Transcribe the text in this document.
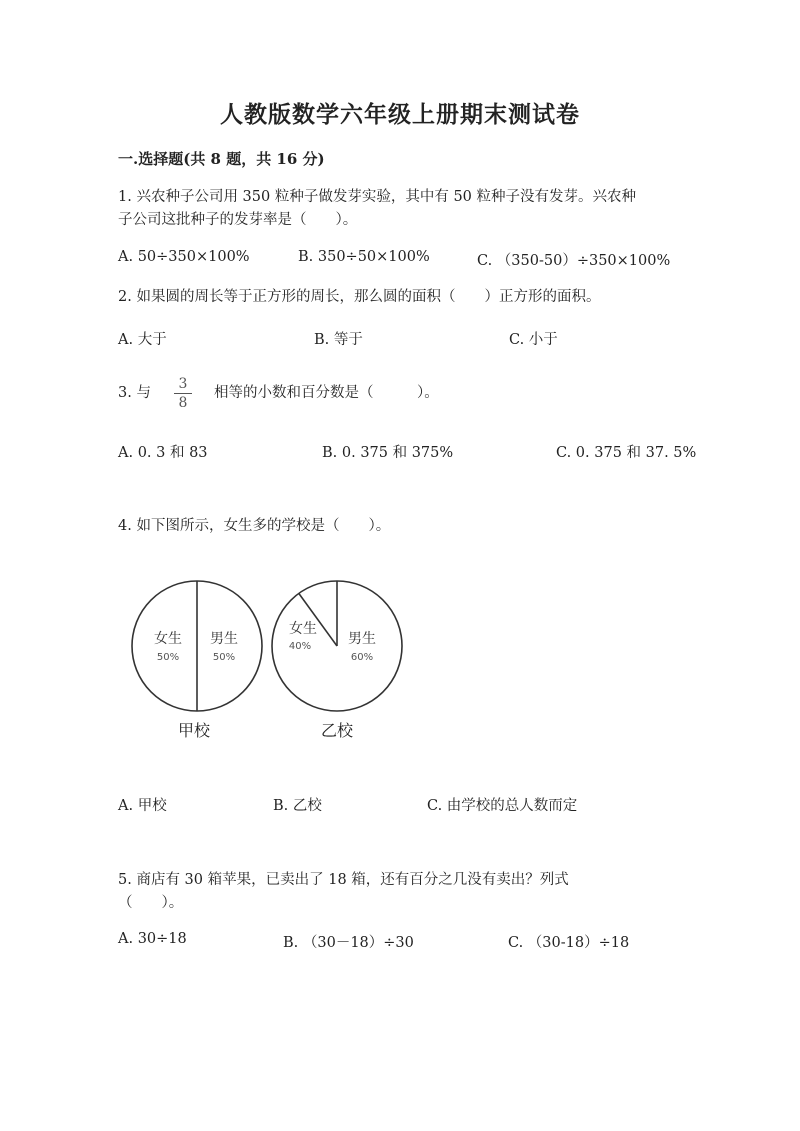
人教版数学六年级上册期末测试卷
一.选择题(共 8 题，共 16 分)
1. 兴农种子公司用 350 粒种子做发芽实验，其中有 50 粒种子没有发芽。兴农种
子公司这批种子的发芽率是（　　）。
A. 50÷350×100%	B. 350÷50×100%	C. （350-50）÷350×100%
2. 如果圆的周长等于正方形的周长，那么圆的面积（　　）正方形的面积。
A. 大于	B. 等于	C. 小于
3. 与
3
8
相等的小数和百分数是（　　　）。
A. 0. 3 和 83	B. 0. 375 和 375%	C. 0. 375 和 37. 5%
4. 如下图所示，女生多的学校是（　　）。
女生
50%
男生
50%
甲校
女生
40%	男生
60%
乙校
A. 甲校	B. 乙校	C. 由学校的总人数而定
5. 商店有 30 箱苹果，已卖出了 18 箱，还有百分之几没有卖出？列式
（　　）。
A. 30÷18	B. （30－18）÷30	C. （30-18）÷18
